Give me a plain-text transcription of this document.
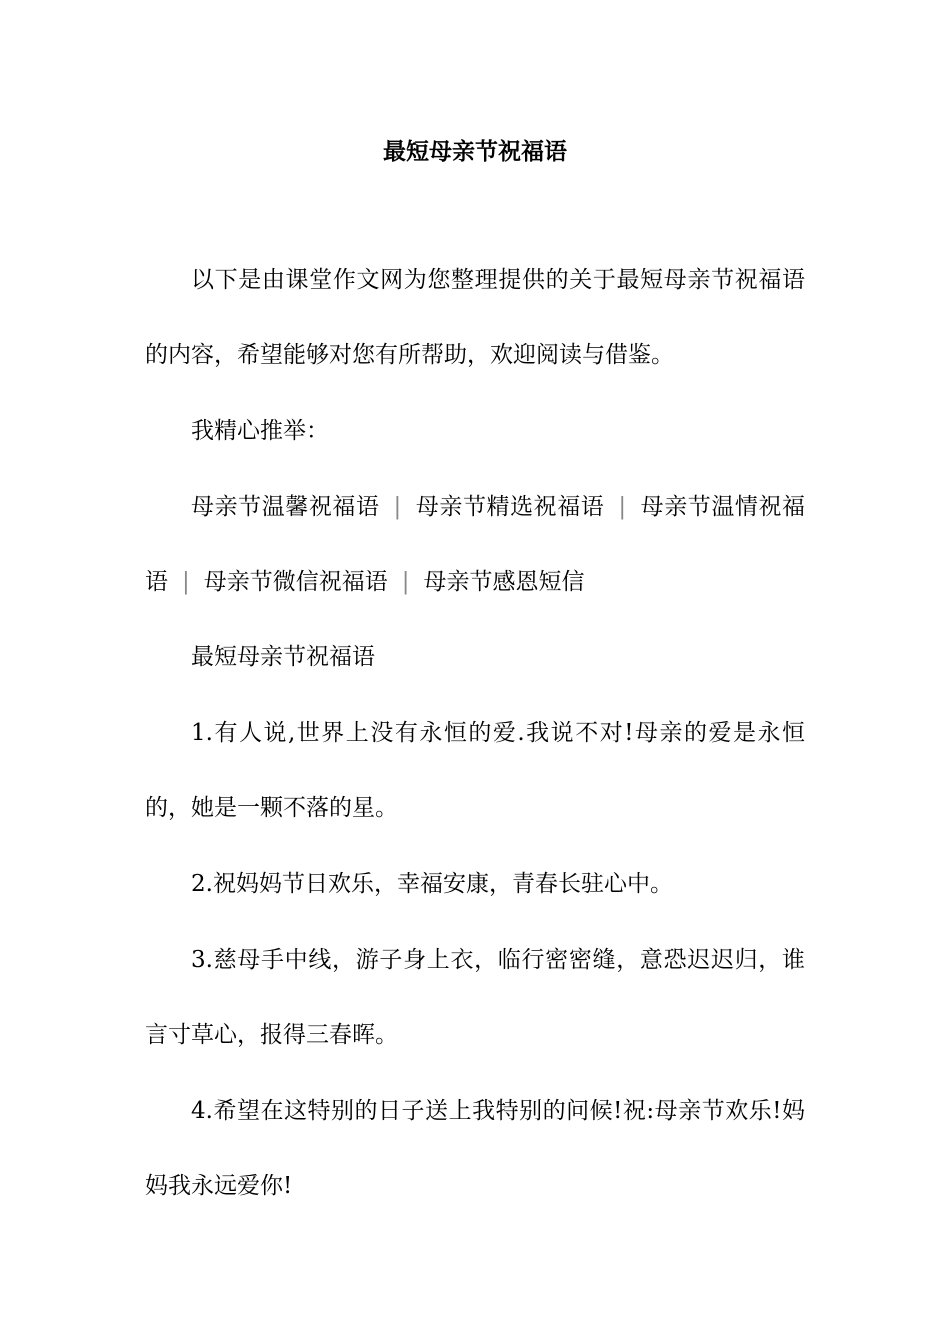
最短母亲节祝福语

以下是由课堂作文网为您整理提供的关于最短母亲节祝福语的内容，希望能够对您有所帮助，欢迎阅读与借鉴。

我精心推举：

母亲节温馨祝福语 | 母亲节精选祝福语 | 母亲节温情祝福语 | 母亲节微信祝福语 | 母亲节感恩短信

最短母亲节祝福语

1.有人说,世界上没有永恒的爱.我说不对!母亲的爱是永恒的，她是一颗不落的星。

2.祝妈妈节日欢乐，幸福安康，青春长驻心中。

3.慈母手中线，游子身上衣，临行密密缝，意恐迟迟归，谁言寸草心，报得三春晖。

4.希望在这特别的日子送上我特别的问候!祝:母亲节欢乐!妈妈我永远爱你!
